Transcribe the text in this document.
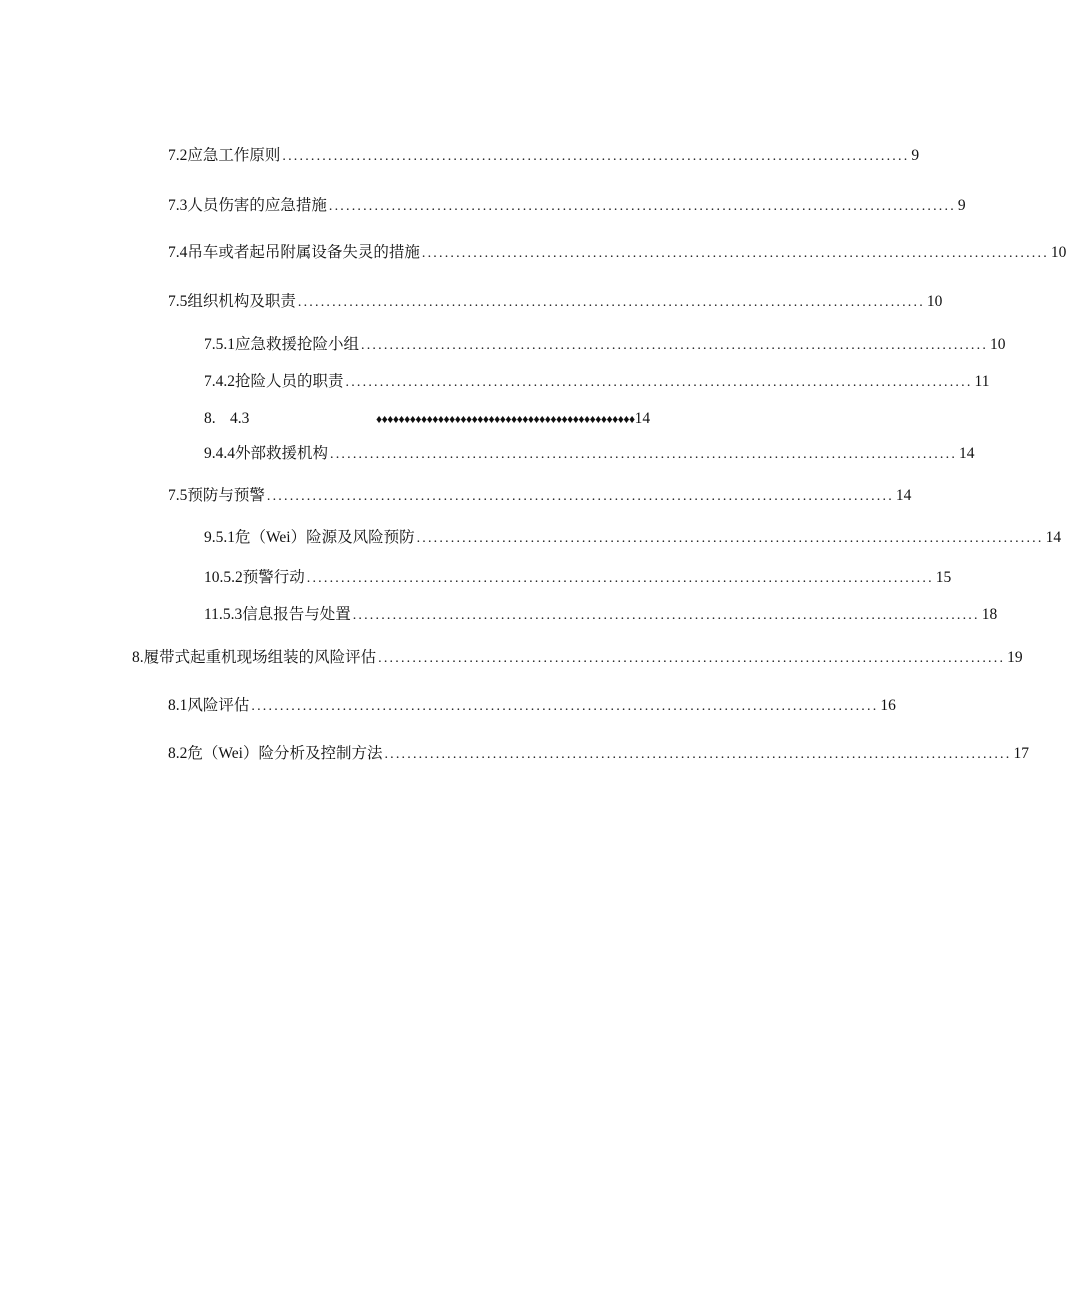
7.2 应急工作原则 .............................................................................................................. 9
7.3 人员伤害的应急措施 .............................................................................................................. 9
7.4 吊车或者起吊附属设备失灵的措施 .............................................................................................................. 10
7.5 组织机构及职责 .............................................................................................................. 10
7.5.1 应急救援抢险小组 .............................................................................................................. 10
7. 4.2抢险人员的职责 .............................................................................................................. 11
8. 4.3	♦♦♦♦♦♦♦♦♦♦♦♦♦♦♦♦♦♦♦♦♦♦♦♦♦♦♦♦♦♦♦♦♦♦♦♦♦♦♦♦♦♦♦♦♦♦ 14
9. 4.4外部救援机构 .............................................................................................................. 14
7.5 预防与预警 .............................................................................................................. 14
9. 5.1危（Wei）险源及风险预防 .............................................................................................................. 14
10. 5.2预警行动 .............................................................................................................. 15
11. 5.3信息报告与处置 .............................................................................................................. 18
8. 履带式起重机现场组装的风险评估 .............................................................................................................. 19
8.1 风险评估 .............................................................................................................. 16
8.2 危（Wei）险分析及控制方法 .............................................................................................................. 17
